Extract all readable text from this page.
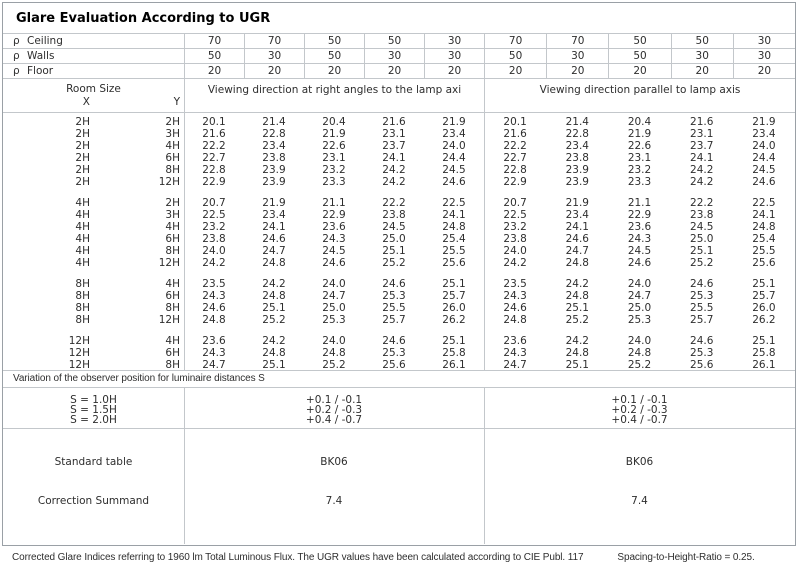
Glare Evaluation According to UGR
ρ Ceiling	70	70	50	50	30	70	70	50	50	30
ρ Walls	50	30	50	30	30	50	30	50	30	30
ρ Floor	20	20	20	20	20	20	20	20	20	20
Room Size
X	Y
Viewing direction at right angles to the lamp axi	Viewing direction parallel to lamp axis
2H	2H	20.1	21.4	20.4	21.6	21.9	20.1	21.4	20.4	21.6	21.9
2H	3H	21.6	22.8	21.9	23.1	23.4	21.6	22.8	21.9	23.1	23.4
2H	4H	22.2	23.4	22.6	23.7	24.0	22.2	23.4	22.6	23.7	24.0
2H	6H	22.7	23.8	23.1	24.1	24.4	22.7	23.8	23.1	24.1	24.4
2H	8H	22.8	23.9	23.2	24.2	24.5	22.8	23.9	23.2	24.2	24.5
2H	12H	22.9	23.9	23.3	24.2	24.6	22.9	23.9	23.3	24.2	24.6
4H	2H	20.7	21.9	21.1	22.2	22.5	20.7	21.9	21.1	22.2	22.5
4H	3H	22.5	23.4	22.9	23.8	24.1	22.5	23.4	22.9	23.8	24.1
4H	4H	23.2	24.1	23.6	24.5	24.8	23.2	24.1	23.6	24.5	24.8
4H	6H	23.8	24.6	24.3	25.0	25.4	23.8	24.6	24.3	25.0	25.4
4H	8H	24.0	24.7	24.5	25.1	25.5	24.0	24.7	24.5	25.1	25.5
4H	12H	24.2	24.8	24.6	25.2	25.6	24.2	24.8	24.6	25.2	25.6
8H	4H	23.5	24.2	24.0	24.6	25.1	23.5	24.2	24.0	24.6	25.1
8H	6H	24.3	24.8	24.7	25.3	25.7	24.3	24.8	24.7	25.3	25.7
8H	8H	24.6	25.1	25.0	25.5	26.0	24.6	25.1	25.0	25.5	26.0
8H	12H	24.8	25.2	25.3	25.7	26.2	24.8	25.2	25.3	25.7	26.2
12H	4H	23.6	24.2	24.0	24.6	25.1	23.6	24.2	24.0	24.6	25.1
12H	6H	24.3	24.8	24.8	25.3	25.8	24.3	24.8	24.8	25.3	25.8
12H	8H	24.7	25.1	25.2	25.6	26.1	24.7	25.1	25.2	25.6	26.1
Variation of the observer position for luminaire distances S
S = 1.0H	+0.1 / -0.1	+0.1 / -0.1
S = 1.5H	+0.2 / -0.3	+0.2 / -0.3
S = 2.0H	+0.4 / -0.7	+0.4 / -0.7
Standard table	BK06	BK06
Correction Summand	7.4	7.4
Corrected Glare Indices referring to 1960 lm Total Luminous Flux. The UGR values have been calculated according to CIE Publ. 117	Spacing-to-Height-Ratio = 0.25.
